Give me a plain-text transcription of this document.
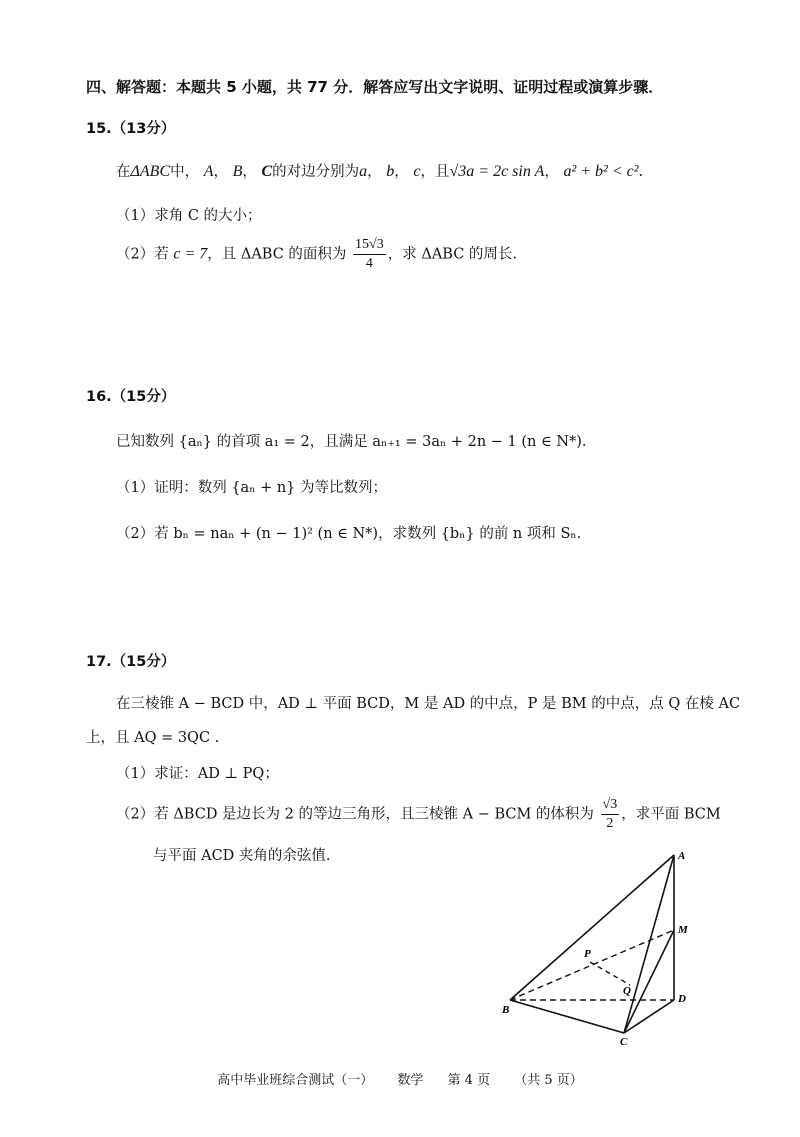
四、解答题：本题共 5 小题，共 77 分．解答应写出文字说明、证明过程或演算步骤．
15.（13分）
在ΔABC中， A， B， C的对边分别为a， b， c，且√3a = 2c sin A， a² + b² < c².
（1）求角 C 的大小；
（2）若 c = 7，且 ΔABC 的面积为 $\frac{15√3}{4}$ ，求 ΔABC 的周长.
16.（15分）
已知数列 {aₙ} 的首项 a₁ = 2，且满足 aₙ₊₁ = 3aₙ + 2n − 1 (n ∈ N*).
（1）证明：数列 {aₙ + n} 为等比数列；
（2）若 bₙ = naₙ + (n − 1)² (n ∈ N*)，求数列 {bₙ} 的前 n 项和 Sₙ.
17.（15分）
在三棱锥 A − BCD 中，AD ⊥ 平面 BCD，M 是 AD 的中点，P 是 BM 的中点，点 Q 在棱 AC
上，且 AQ = 3QC .
（1）求证：AD ⊥ PQ；
（2）若 ΔBCD 是边长为 2 的等边三角形，且三棱锥 A − BCM 的体积为 $\frac{√3}{2}$ ，求平面 BCM
与平面 ACD 夹角的余弦值.	A
M
D
P
Q
B
C
高中毕业班综合测试（一） 数学 第 4 页 （共 5 页）
